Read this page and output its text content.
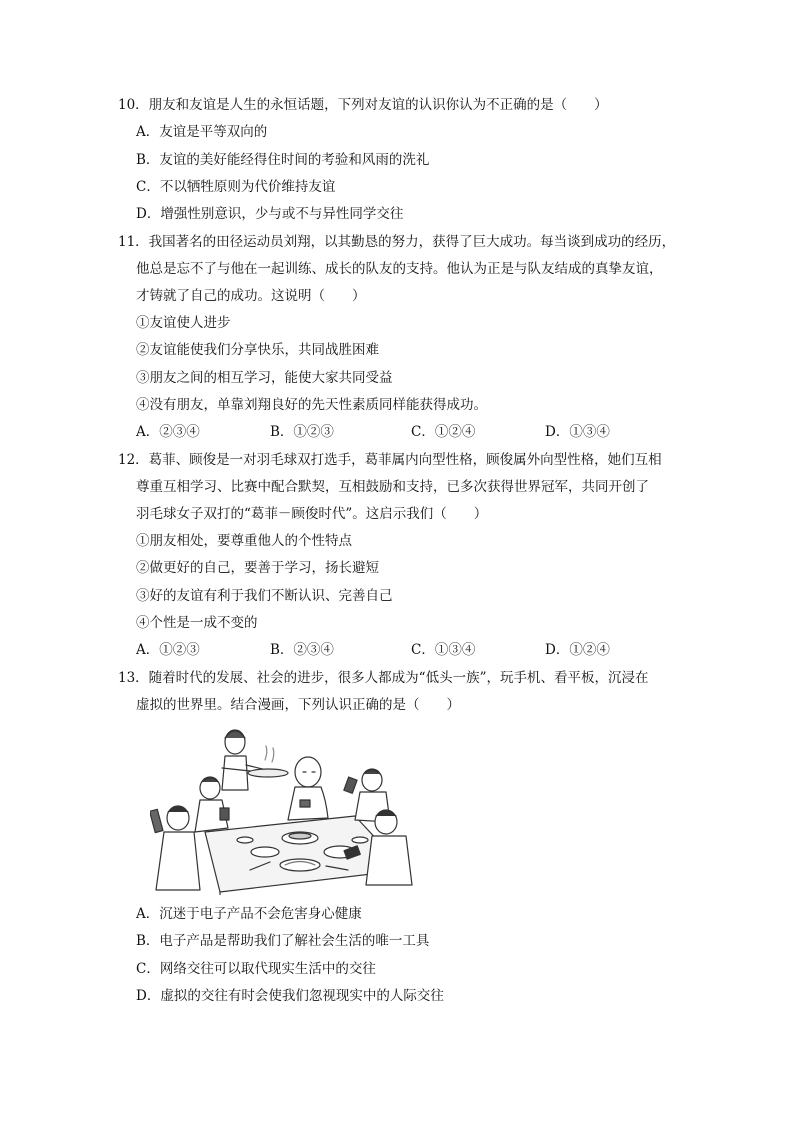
10．朋友和友谊是人生的永恒话题，下列对友谊的认识你认为不正确的是（　　）
A．友谊是平等双向的
B．友谊的美好能经得住时间的考验和风雨的洗礼
C．不以牺牲原则为代价维持友谊
D．增强性别意识，少与或不与异性同学交往
11．我国著名的田径运动员刘翔，以其勤恳的努力，获得了巨大成功。每当谈到成功的经历，
他总是忘不了与他在一起训练、成长的队友的支持。他认为正是与队友结成的真挚友谊，
才铸就了自己的成功。这说明（　　）
①友谊使人进步
②友谊能使我们分享快乐，共同战胜困难
③朋友之间的相互学习，能使大家共同受益
④没有朋友，单靠刘翔良好的先天性素质同样能获得成功。
A．②③④	B．①②③	C．①②④	D．①③④
12．葛菲、顾俊是一对羽毛球双打选手，葛菲属内向型性格，顾俊属外向型性格，她们互相
尊重互相学习、比赛中配合默契，互相鼓励和支持，已多次获得世界冠军，共同开创了
羽毛球女子双打的“葛菲－顾俊时代”。这启示我们（　　）
①朋友相处，要尊重他人的个性特点
②做更好的自己，要善于学习，扬长避短
③好的友谊有利于我们不断认识、完善自己
④个性是一成不变的
A．①②③	B．②③④	C．①③④	D．①②④
13．随着时代的发展、社会的进步，很多人都成为“低头一族”，玩手机、看平板，沉浸在
虚拟的世界里。结合漫画，下列认识正确的是（　　）
A．沉迷于电子产品不会危害身心健康
B．电子产品是帮助我们了解社会生活的唯一工具
C．网络交往可以取代现实生活中的交往
D．虚拟的交往有时会使我们忽视现实中的人际交往
